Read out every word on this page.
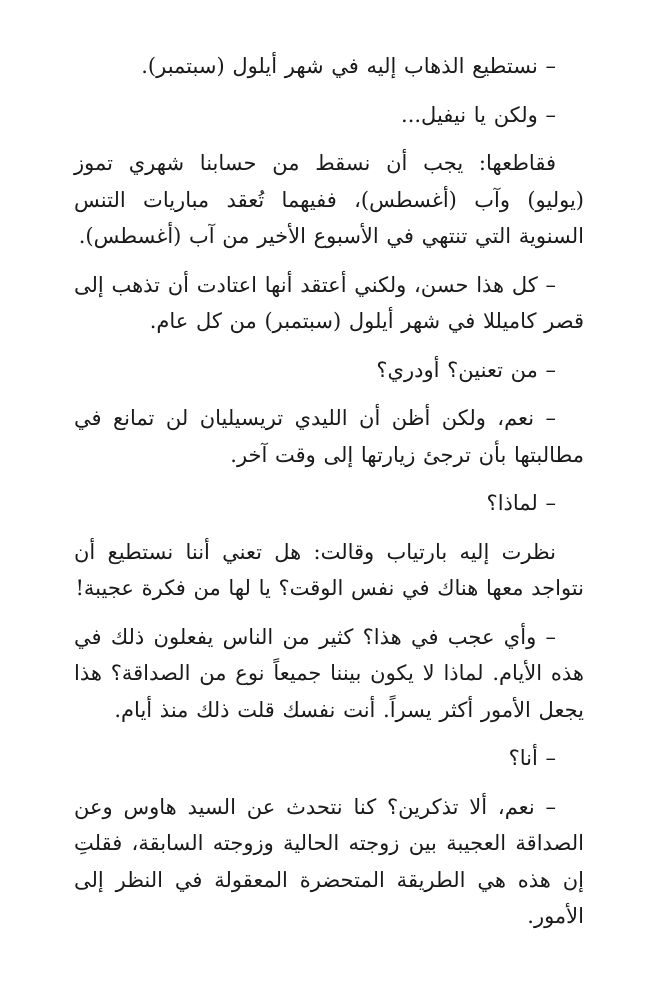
– نستطيع الذهاب إليه في شهر أيلول (سبتمبر).

– ولكن يا نيفيل...

فقاطعها: يجب أن نسقط من حسابنا شهري تموز (يوليو) وآب (أغسطس)، ففيهما تُعقد مباريات التنس السنوية التي تنتهي في الأسبوع الأخير من آب (أغسطس).

– كل هذا حسن، ولكني أعتقد أنها اعتادت أن تذهب إلى قصر كاميللا في شهر أيلول (سبتمبر) من كل عام.

– من تعنين؟ أودري؟

– نعم، ولكن أظن أن الليدي تريسيليان لن تمانع في مطالبتها بأن ترجئ زيارتها إلى وقت آخر.

– لماذا؟

نظرت إليه بارتياب وقالت: هل تعني أننا نستطيع أن نتواجد معها هناك في نفس الوقت؟ يا لها من فكرة عجيبة!

– وأي عجب في هذا؟ كثير من الناس يفعلون ذلك في هذه الأيام. لماذا لا يكون بيننا جميعاً نوع من الصداقة؟ هذا يجعل الأمور أكثر يسراً. أنت نفسك قلت ذلك منذ أيام.

– أنا؟

– نعم، ألا تذكرين؟ كنا نتحدث عن السيد هاوس وعن الصداقة العجيبة بين زوجته الحالية وزوجته السابقة، فقلتِ إن هذه هي الطريقة المتحضرة المعقولة في النظر إلى الأمور.
